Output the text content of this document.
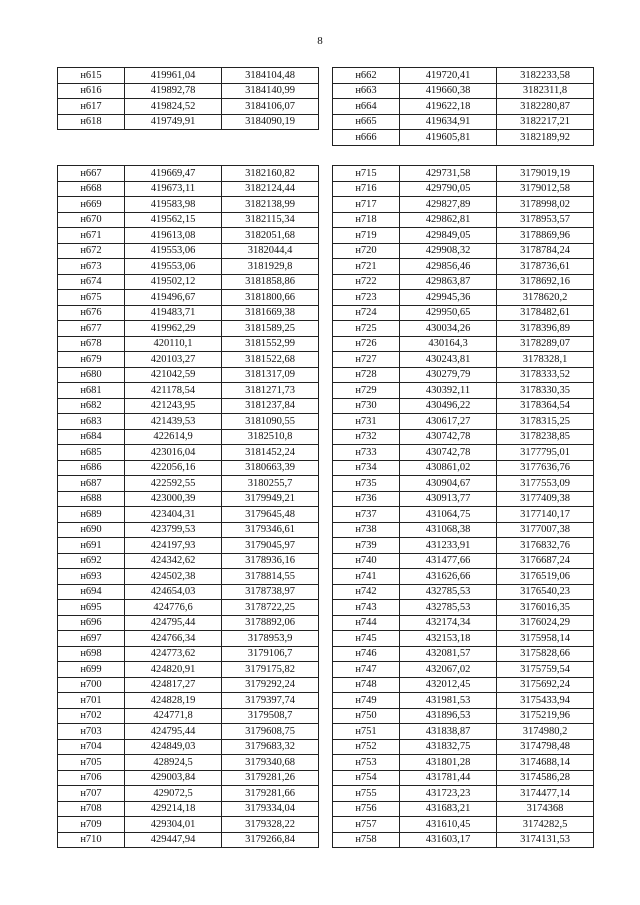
8
н615	419961,04	3184104,48
н616	419892,78	3184140,99
н617	419824,52	3184106,07
н618	419749,91	3184090,19
н662	419720,41	3182233,58
н663	419660,38	3182311,8
н664	419622,18	3182280,87
н665	419634,91	3182217,21
н666	419605,81	3182189,92
н667	419669,47	3182160,82
н668	419673,11	3182124,44
н669	419583,98	3182138,99
н670	419562,15	3182115,34
н671	419613,08	3182051,68
н672	419553,06	3182044,4
н673	419553,06	3181929,8
н674	419502,12	3181858,86
н675	419496,67	3181800,66
н676	419483,71	3181669,38
н677	419962,29	3181589,25
н678	420110,1	3181552,99
н679	420103,27	3181522,68
н680	421042,59	3181317,09
н681	421178,54	3181271,73
н682	421243,95	3181237,84
н683	421439,53	3181090,55
н684	422614,9	3182510,8
н685	423016,04	3181452,24
н686	422056,16	3180663,39
н687	422592,55	3180255,7
н688	423000,39	3179949,21
н689	423404,31	3179645,48
н690	423799,53	3179346,61
н691	424197,93	3179045,97
н692	424342,62	3178936,16
н693	424502,38	3178814,55
н694	424654,03	3178738,97
н695	424776,6	3178722,25
н696	424795,44	3178892,06
н697	424766,34	3178953,9
н698	424773,62	3179106,7
н699	424820,91	3179175,82
н700	424817,27	3179292,24
н701	424828,19	3179397,74
н702	424771,8	3179508,7
н703	424795,44	3179608,75
н704	424849,03	3179683,32
н705	428924,5	3179340,68
н706	429003,84	3179281,26
н707	429072,5	3179281,66
н708	429214,18	3179334,04
н709	429304,01	3179328,22
н710	429447,94	3179266,84
н715	429731,58	3179019,19
н716	429790,05	3179012,58
н717	429827,89	3178998,02
н718	429862,81	3178953,57
н719	429849,05	3178869,96
н720	429908,32	3178784,24
н721	429856,46	3178736,61
н722	429863,87	3178692,16
н723	429945,36	3178620,2
н724	429950,65	3178482,61
н725	430034,26	3178396,89
н726	430164,3	3178289,07
н727	430243,81	3178328,1
н728	430279,79	3178333,52
н729	430392,11	3178330,35
н730	430496,22	3178364,54
н731	430617,27	3178315,25
н732	430742,78	3178238,85
н733	430742,78	3177795,01
н734	430861,02	3177636,76
н735	430904,67	3177553,09
н736	430913,77	3177409,38
н737	431064,75	3177140,17
н738	431068,38	3177007,38
н739	431233,91	3176832,76
н740	431477,66	3176687,24
н741	431626,66	3176519,06
н742	432785,53	3176540,23
н743	432785,53	3176016,35
н744	432174,34	3176024,29
н745	432153,18	3175958,14
н746	432081,57	3175828,66
н747	432067,02	3175759,54
н748	432012,45	3175692,24
н749	431981,53	3175433,94
н750	431896,53	3175219,96
н751	431838,87	3174980,2
н752	431832,75	3174798,48
н753	431801,28	3174688,14
н754	431781,44	3174586,28
н755	431723,23	3174477,14
н756	431683,21	3174368
н757	431610,45	3174282,5
н758	431603,17	3174131,53
